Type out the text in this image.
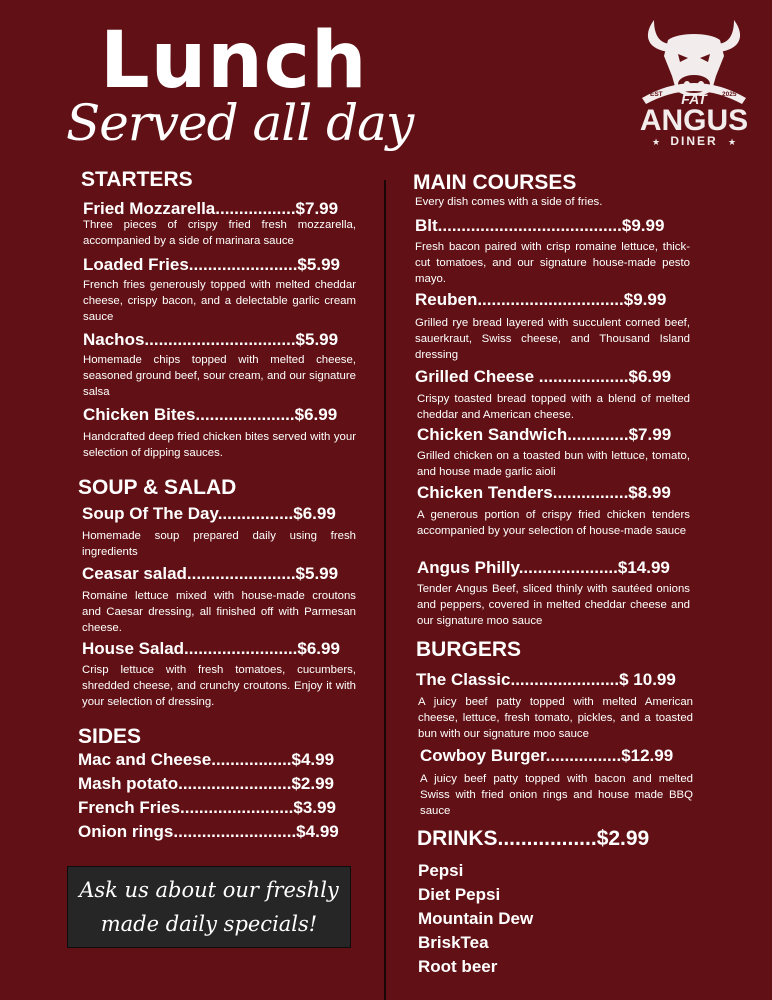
Lunch
Served all day	EST	2025
FAT
ANGUS
DINER
★	★
STARTERS
Fried Mozzarella.................$7.99
Three pieces of crispy fried fresh mozzarella, accompanied by a side of marinara sauce
Loaded Fries.......................$5.99
French fries generously topped with melted cheddar cheese, crispy bacon, and a delectable garlic cream sauce
Nachos................................$5.99
Homemade chips topped with melted cheese, seasoned ground beef, sour cream, and our signature salsa
Chicken Bites.....................$6.99
Handcrafted deep fried chicken bites served with your selection of dipping sauces.
SOUP & SALAD
Soup Of The Day................$6.99
Homemade soup prepared daily using fresh ingredients
Ceasar salad.......................$5.99
Romaine lettuce mixed with house-made croutons and Caesar dressing, all finished off with Parmesan cheese.
House Salad........................$6.99
Crisp lettuce with fresh tomatoes, cucumbers, shredded cheese, and crunchy croutons. Enjoy it with your selection of dressing.
SIDES
Mac and Cheese.................$4.99
Mash potato........................$2.99
French Fries........................$3.99
Onion rings..........................$4.99
Ask us about our freshly
made daily specials!
MAIN COURSES
Every dish comes with a side of fries.
Blt.......................................$9.99
Fresh bacon paired with crisp romaine lettuce, thick-cut tomatoes, and our signature house-made pesto mayo.
Reuben...............................$9.99
Grilled rye bread layered with succulent corned beef, sauerkraut, Swiss cheese, and Thousand Island dressing
Grilled Cheese ...................$6.99
Crispy toasted bread topped with a blend of melted cheddar and American cheese.
Chicken Sandwich.............$7.99
Grilled chicken on a toasted bun with lettuce, tomato, and house made garlic aioli
Chicken Tenders................$8.99
A generous portion of crispy fried chicken tenders accompanied by your selection of house-made sauce
Angus Philly.....................$14.99
Tender Angus Beef, sliced thinly with sautéed onions and peppers, covered in melted cheddar cheese and our signature moo sauce
BURGERS
The Classic.......................$ 10.99
A juicy beef patty topped with melted American cheese, lettuce, fresh tomato, pickles, and a toasted bun with our signature moo sauce
Cowboy Burger................$12.99
A juicy beef patty topped with bacon and melted Swiss with fried onion rings and house made BBQ sauce
DRINKS.................$2.99
Pepsi
Diet Pepsi
Mountain Dew
BriskTea
Root beer
